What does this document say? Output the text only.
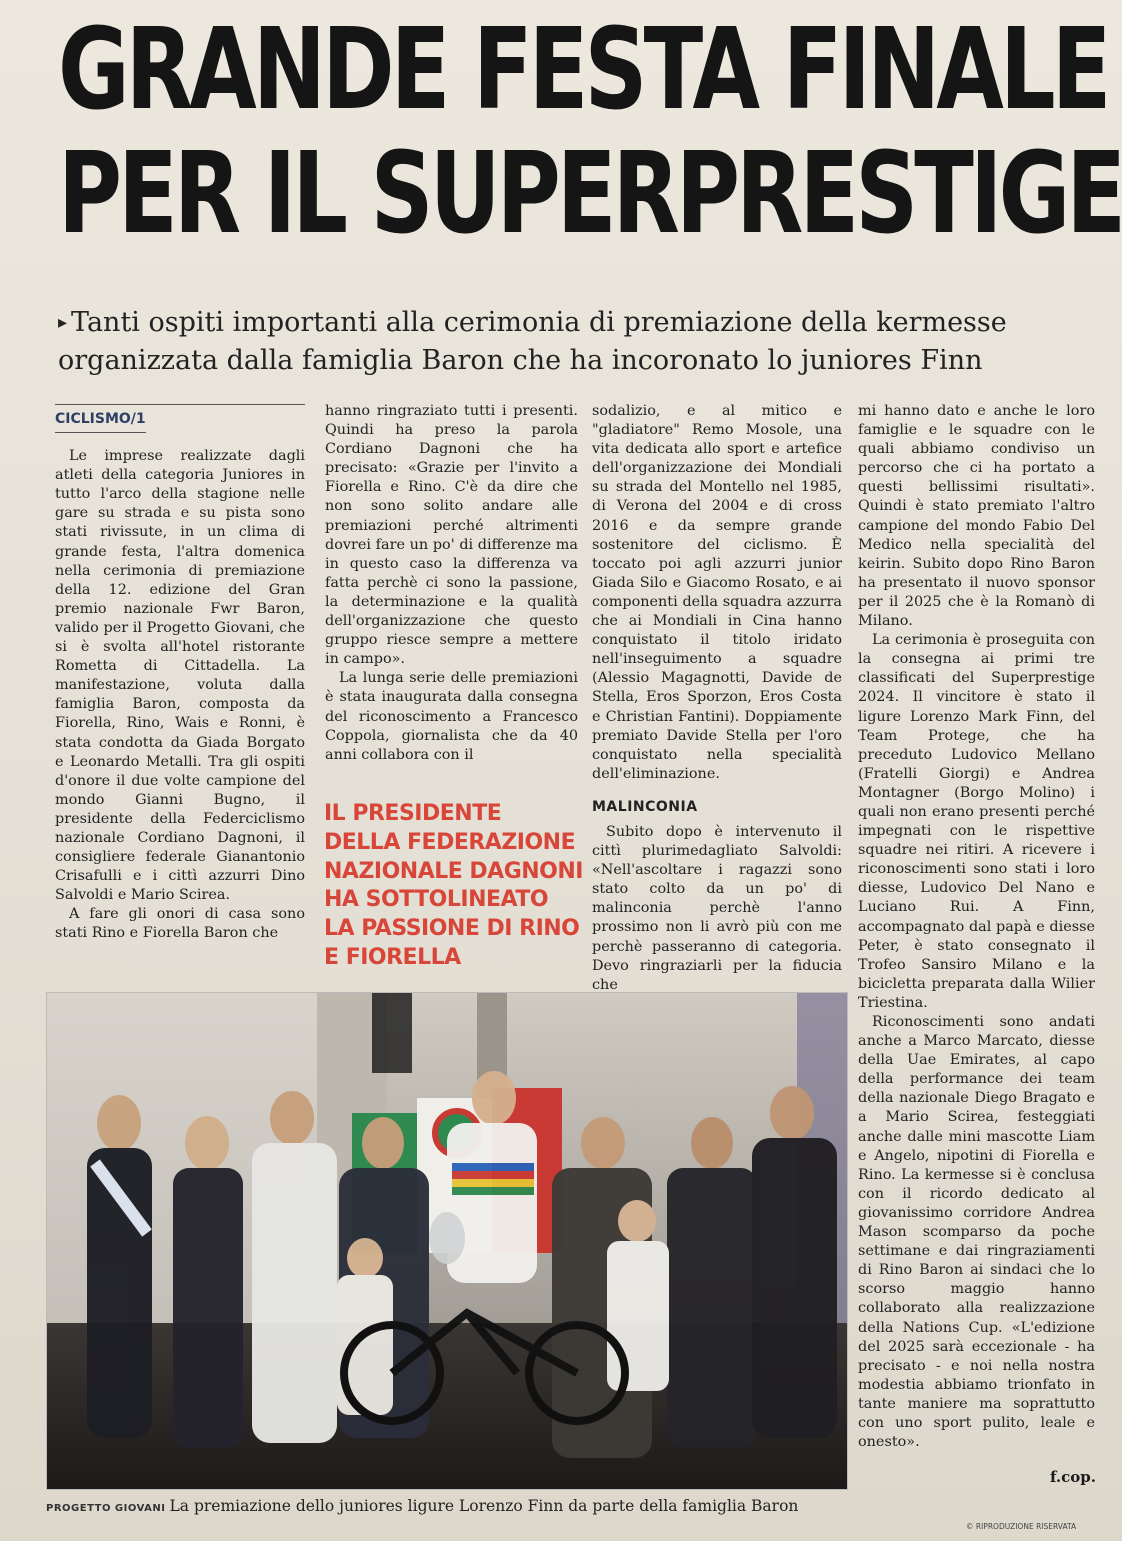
GRANDE FESTA FINALE
PER IL SUPERPRESTIGE

▸ Tanti ospiti importanti alla cerimonia di premiazione della kermesse organizzata dalla famiglia Baron che ha incoronato lo juniores Finn

CICLISMO/1

Le imprese realizzate dagli atleti della categoria Juniores in tutto l'arco della stagione nelle gare su strada e su pista sono stati rivissute, in un clima di grande festa, l'altra domenica nella cerimonia di premiazione della 12. edizione del Gran premio nazionale Fwr Baron, valido per il Progetto Giovani, che si è svolta all'hotel ristorante Rometta di Cittadella. La manifestazione, voluta dalla famiglia Baron, composta da Fiorella, Rino, Wais e Ronni, è stata condotta da Giada Borgato e Leonardo Metalli. Tra gli ospiti d'onore il due volte campione del mondo Gianni Bugno, il presidente della Federciclismo nazionale Cordiano Dagnoni, il consigliere federale Gianantonio Crisafulli e i cittì azzurri Dino Salvoldi e Mario Scirea.

A fare gli onori di casa sono stati Rino e Fiorella Baron che

hanno ringraziato tutti i presenti. Quindi ha preso la parola Cordiano Dagnoni che ha precisato: «Grazie per l'invito a Fiorella e Rino. C'è da dire che non sono solito andare alle premiazioni perché altrimenti dovrei fare un po' di differenze ma in questo caso la differenza va fatta perchè ci sono la passione, la determinazione e la qualità dell'organizzazione che questo gruppo riesce sempre a mettere in campo».

La lunga serie delle premiazioni è stata inaugurata dalla consegna del riconoscimento a Francesco Coppola, giornalista che da 40 anni collabora con il

IL PRESIDENTE DELLA FEDERAZIONE NAZIONALE DAGNONI HA SOTTOLINEATO LA PASSIONE DI RINO E FIORELLA

sodalizio, e al mitico e "gladiatore" Remo Mosole, una vita dedicata allo sport e artefice dell'organizzazione dei Mondiali su strada del Montello nel 1985, di Verona del 2004 e di cross 2016 e da sempre grande sostenitore del ciclismo. È toccato poi agli azzurri junior Giada Silo e Giacomo Rosato, e ai componenti della squadra azzurra che ai Mondiali in Cina hanno conquistato il titolo iridato nell'inseguimento a squadre (Alessio Magagnotti, Davide de Stella, Eros Sporzon, Eros Costa e Christian Fantini). Doppiamente premiato Davide Stella per l'oro conquistato nella specialità dell'eliminazione.

MALINCONIA

Subito dopo è intervenuto il cittì plurimedagliato Salvoldi: «Nell'ascoltare i ragazzi sono stato colto da un po' di malinconia perchè l'anno prossimo non li avrò più con me perchè passeranno di categoria. Devo ringraziarli per la fiducia che

mi hanno dato e anche le loro famiglie e le squadre con le quali abbiamo condiviso un percorso che ci ha portato a questi bellissimi risultati». Quindi è stato premiato l'altro campione del mondo Fabio Del Medico nella specialità del keirin. Subito dopo Rino Baron ha presentato il nuovo sponsor per il 2025 che è la Romanò di Milano.

La cerimonia è proseguita con la consegna ai primi tre classificati del Superprestige 2024. Il vincitore è stato il ligure Lorenzo Mark Finn, del Team Protege, che ha preceduto Ludovico Mellano (Fratelli Giorgi) e Andrea Montagner (Borgo Molino) i quali non erano presenti perché impegnati con le rispettive squadre nei ritiri. A ricevere i riconoscimenti sono stati i loro diesse, Ludovico Del Nano e Luciano Rui. A Finn, accompagnato dal papà e diesse Peter, è stato consegnato il Trofeo Sansiro Milano e la bicicletta preparata dalla Wilier Triestina.

Riconoscimenti sono andati anche a Marco Marcato, diesse della Uae Emirates, al capo della performance dei team della nazionale Diego Bragato e a Mario Scirea, festeggiati anche dalle mini mascotte Liam e Angelo, nipotini di Fiorella e Rino. La kermesse si è conclusa con il ricordo dedicato al giovanissimo corridore Andrea Mason scomparso da poche settimane e dai ringraziamenti di Rino Baron ai sindaci che lo scorso maggio hanno collaborato alla realizzazione della Nations Cup. «L'edizione del 2025 sarà eccezionale - ha precisato - e noi nella nostra modestia abbiamo trionfato in tante maniere ma soprattutto con uno sport pulito, leale e onesto».

PROGETTO GIOVANI La premiazione dello juniores ligure Lorenzo Finn da parte della famiglia Baron
f.cop.
© RIPRODUZIONE RISERVATA
